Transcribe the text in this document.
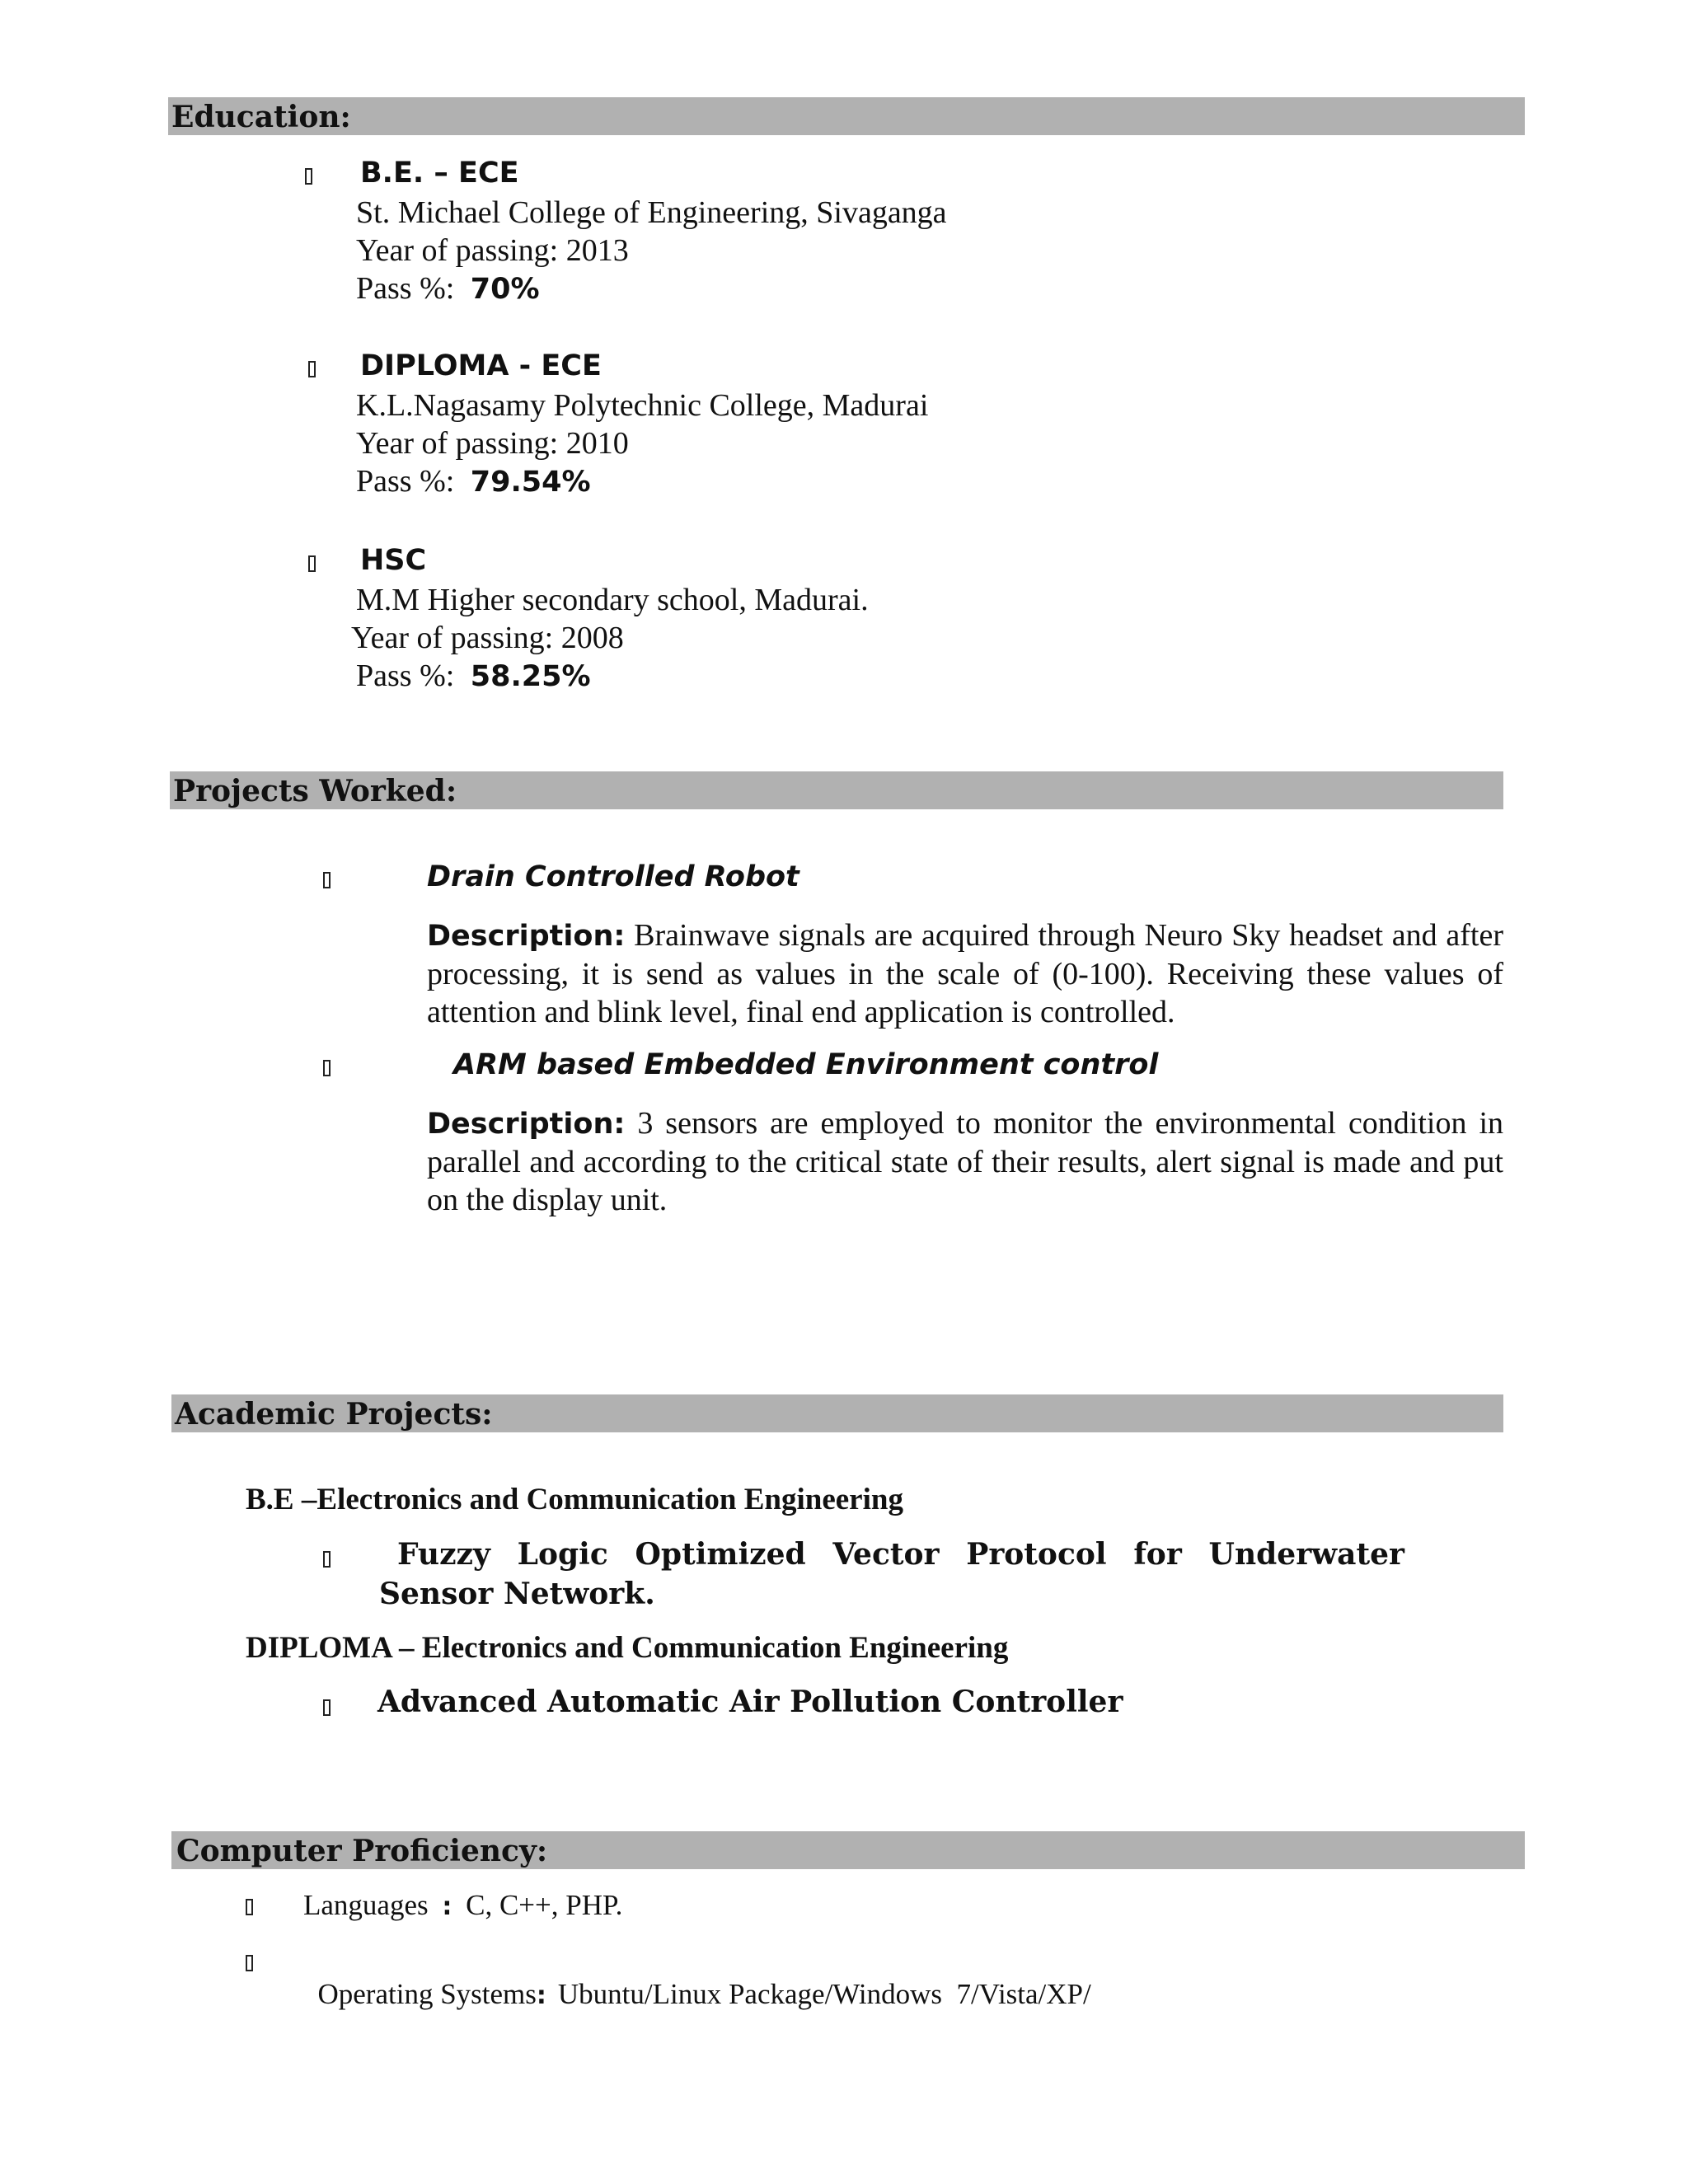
Education:
B.E. – ECE
St. Michael College of Engineering, Sivaganga
Year of passing: 2013
Pass %: 70%
DIPLOMA - ECE
K.L.Nagasamy Polytechnic College, Madurai
Year of passing: 2010
Pass %: 79.54%
HSC
M.M Higher secondary school, Madurai.
Year of passing: 2008
Pass %: 58.25%
Projects Worked:
Drain Controlled Robot
Description: Brainwave signals are acquired through Neuro Sky headset and after processing, it is send as values in the scale of (0-100). Receiving these values of attention and blink level, final end application is controlled.
ARM based Embedded Environment control
Description: 3 sensors are employed to monitor the environmental condition in parallel and according to the critical state of their results, alert signal is made and put on the display unit.
Academic Projects:
B.E –Electronics and Communication Engineering
Fuzzy Logic Optimized Vector Protocol for Underwater Sensor Network.
DIPLOMA – Electronics and Communication Engineering
Advanced Automatic Air Pollution Controller
Computer Proficiency:
Languages : C, C++, PHP.

Operating Systems: Ubuntu/Linux Package/Windows  7/Vista/XP/
